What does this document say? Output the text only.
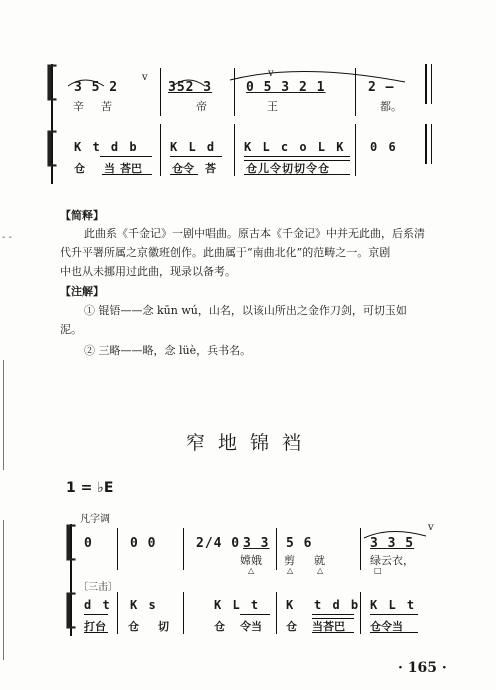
[
[
3 5 2
v
352 3	0 5 3 2 1
v
2 –
辛 苦	帝	王	都。
K t d b	K L d K L c o L K 0 6
仓 当 荅巴	仓令 荅	仓儿令切切令仓
【简释】
此曲系《千金记》一剧中唱曲。原古本《千金记》中并无此曲，后系清
代升平署所属之京徽班创作。此曲属于“南曲北化”的范畴之一。京剧
中也从未挪用过此曲，现录以备考。
【注解】
① 锟铻——念 kūn wú，山名，以该山所出之金作刀剑，可切玉如
泥。
② 三略——略，念 lüè，兵书名。
窄地锦裆
1 = ♭E
凡字调
[
[
0	0 0	2/4 0 3 3 5 6	3 3 5
v
嫦娥
△
剪
△
就
△
绿云衣，
□
〔三击〕
d t K s	K L t K t d b K L t
打台 仓 切	仓 令当 仓 当荅巴 仓令当
· 165 ·
- -
